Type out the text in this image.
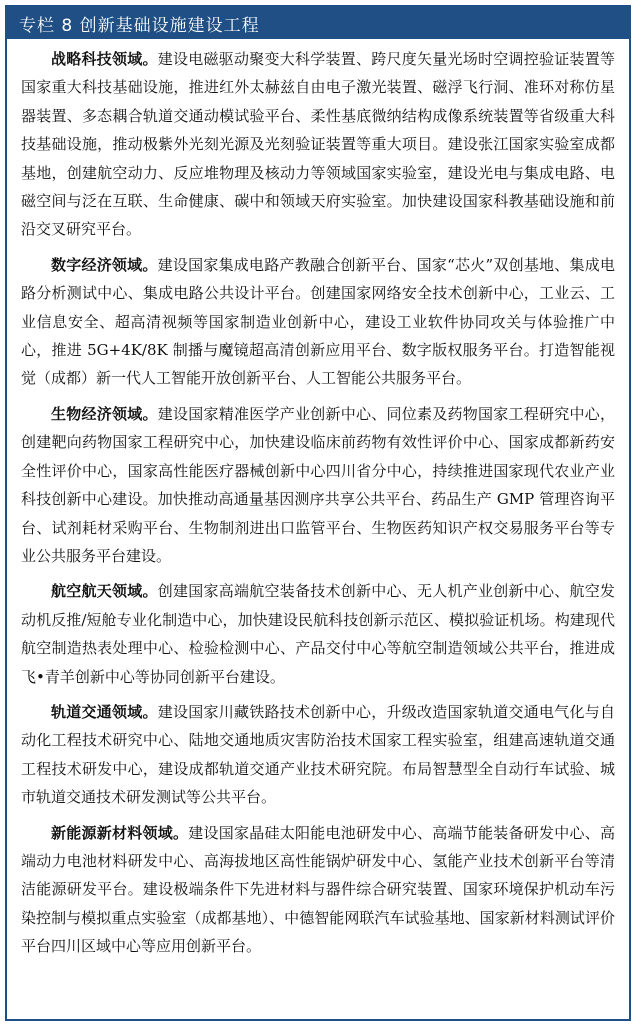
专栏 8 创新基础设施建设工程

战略科技领域。建设电磁驱动聚变大科学装置、跨尺度矢量光场时空调控验证装置等国家重大科技基础设施，推进红外太赫兹自由电子激光装置、磁浮飞行洞、准环对称仿星器装置、多态耦合轨道交通动模试验平台、柔性基底微纳结构成像系统装置等省级重大科技基础设施，推动极紫外光刻光源及光刻验证装置等重大项目。建设张江国家实验室成都基地，创建航空动力、反应堆物理及核动力等领域国家实验室，建设光电与集成电路、电磁空间与泛在互联、生命健康、碳中和领域天府实验室。加快建设国家科教基础设施和前沿交叉研究平台。

数字经济领域。建设国家集成电路产教融合创新平台、国家“芯火”双创基地、集成电路分析测试中心、集成电路公共设计平台。创建国家网络安全技术创新中心，工业云、工业信息安全、超高清视频等国家制造业创新中心，建设工业软件协同攻关与体验推广中心，推进 5G+4K/8K 制播与魔镜超高清创新应用平台、数字版权服务平台。打造智能视觉（成都）新一代人工智能开放创新平台、人工智能公共服务平台。

生物经济领域。建设国家精准医学产业创新中心、同位素及药物国家工程研究中心，创建靶向药物国家工程研究中心，加快建设临床前药物有效性评价中心、国家成都新药安全性评价中心，国家高性能医疗器械创新中心四川省分中心，持续推进国家现代农业产业科技创新中心建设。加快推动高通量基因测序共享公共平台、药品生产 GMP 管理咨询平台、试剂耗材采购平台、生物制剂进出口监管平台、生物医药知识产权交易服务平台等专业公共服务平台建设。

航空航天领域。创建国家高端航空装备技术创新中心、无人机产业创新中心、航空发动机反推/短舱专业化制造中心，加快建设民航科技创新示范区、模拟验证机场。构建现代航空制造热表处理中心、检验检测中心、产品交付中心等航空制造领域公共平台，推进成飞•青羊创新中心等协同创新平台建设。

轨道交通领域。建设国家川藏铁路技术创新中心，升级改造国家轨道交通电气化与自动化工程技术研究中心、陆地交通地质灾害防治技术国家工程实验室，组建高速轨道交通工程技术研发中心，建设成都轨道交通产业技术研究院。布局智慧型全自动行车试验、城市轨道交通技术研发测试等公共平台。

新能源新材料领域。建设国家晶硅太阳能电池研发中心、高端节能装备研发中心、高端动力电池材料研发中心、高海拔地区高性能锅炉研发中心、氢能产业技术创新平台等清洁能源研发平台。建设极端条件下先进材料与器件综合研究装置、国家环境保护机动车污染控制与模拟重点实验室（成都基地）、中德智能网联汽车试验基地、国家新材料测试评价平台四川区域中心等应用创新平台。
